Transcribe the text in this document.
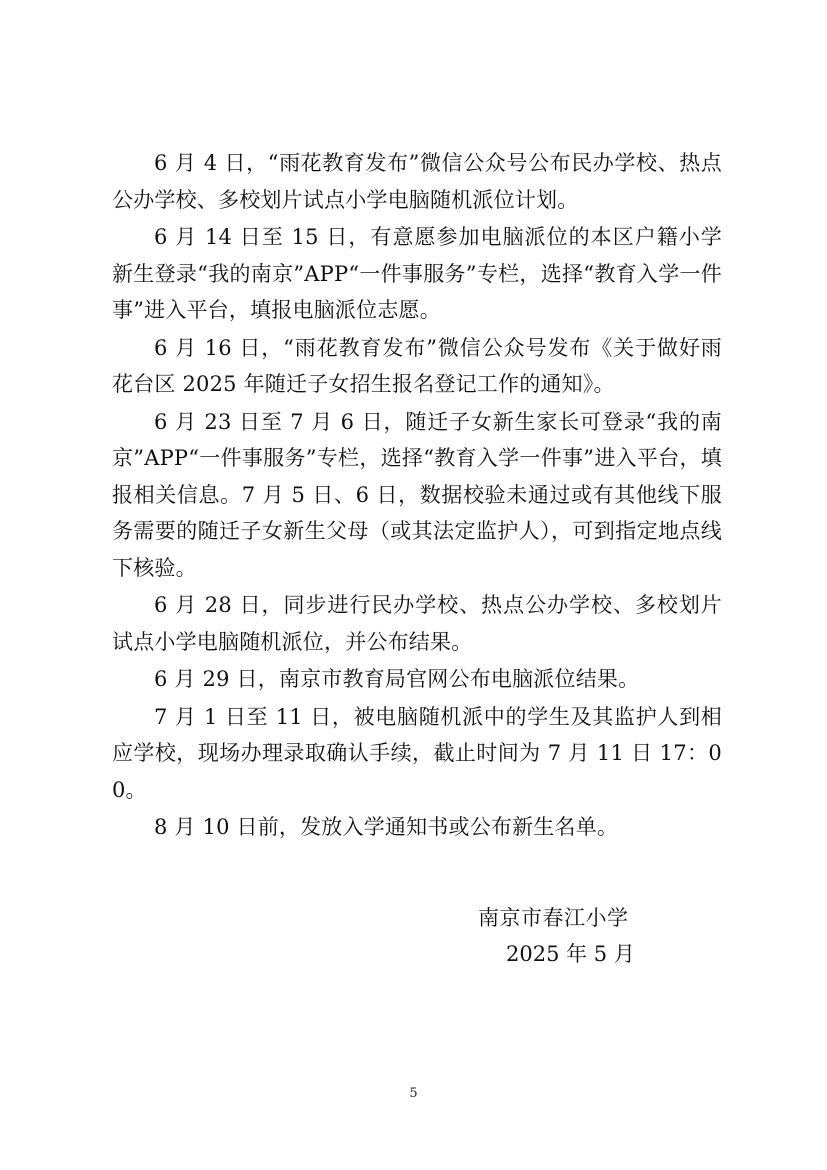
6 月 4 日，“雨花教育发布”微信公众号公布民办学校、热点公办学校、多校划片试点小学电脑随机派位计划。

6 月 14 日至 15 日，有意愿参加电脑派位的本区户籍小学新生登录“我的南京”APP“一件事服务”专栏，选择“教育入学一件事”进入平台，填报电脑派位志愿。

6 月 16 日，“雨花教育发布”微信公众号发布《关于做好雨花台区 2025 年随迁子女招生报名登记工作的通知》。

6 月 23 日至 7 月 6 日，随迁子女新生家长可登录“我的南京”APP“一件事服务”专栏，选择“教育入学一件事”进入平台，填报相关信息。7 月 5 日、6 日，数据校验未通过或有其他线下服务需要的随迁子女新生父母（或其法定监护人），可到指定地点线下核验。

6 月 28 日，同步进行民办学校、热点公办学校、多校划片试点小学电脑随机派位，并公布结果。

6 月 29 日，南京市教育局官网公布电脑派位结果。

7 月 1 日至 11 日，被电脑随机派中的学生及其监护人到相应学校，现场办理录取确认手续，截止时间为 7 月 11 日 17：00。

8 月 10 日前，发放入学通知书或公布新生名单。

南京市春江小学
2025 年 5 月
5
